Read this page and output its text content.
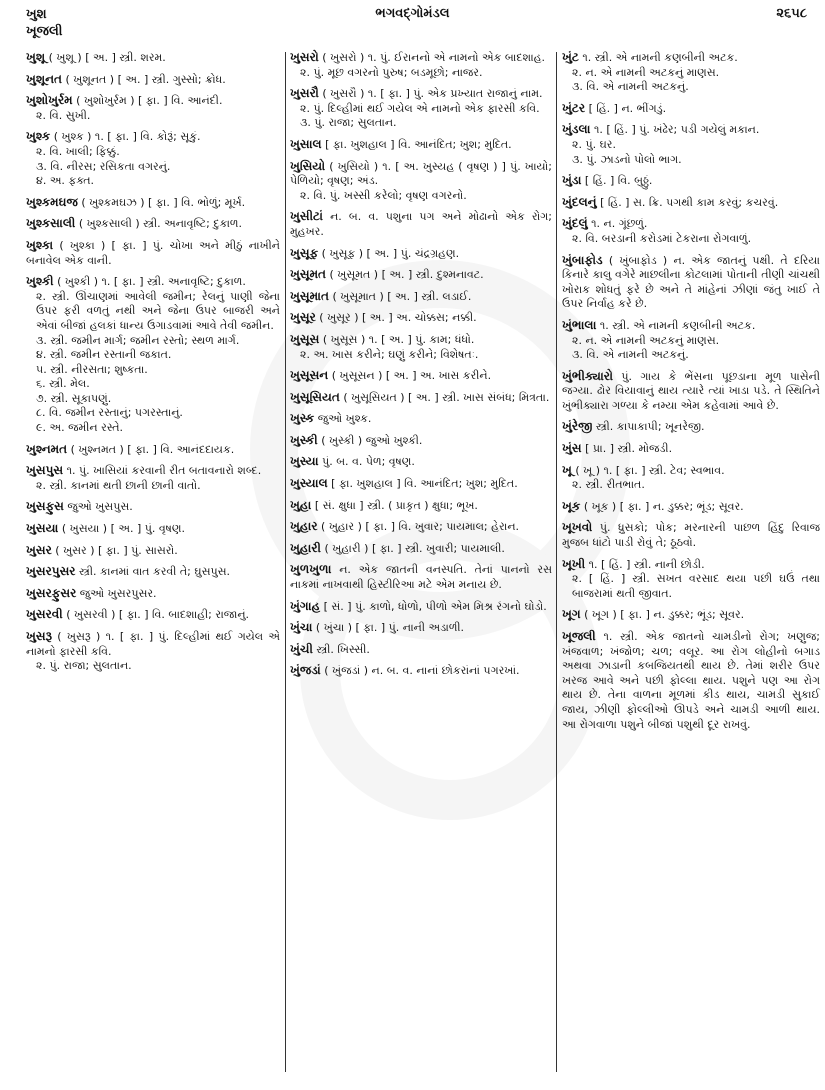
ખુશ
ખૂજલી
ભગવદ્ગોમંડલ	૨૬૫૮
ખુશૂ ( ખુશૂ ) [ અ. ] સ્ત્રી. શરમ.
ખુશૂનત ( ખુશૂનત ) [ અ. ] સ્ત્રી. ગુસ્સો; ક્રોધ.
ખુશોખુર્રમ ( ખુશોખુર્રમ ) [ ફા. ] વિ. આનંદી.
૨. વિ. સુખી.
ખુશ્ક ( ખુશ્ક ) ૧. [ ફા. ] વિ. કોરૂં; સૂકું.
૨. વિ. ખાલી; ફિક્કું.
૩. વિ. નીરસ; રસિકતા વગરનું.
૪. અ. ફક્ત.
ખુશ્કમઘજ ( ખુશ્કમઘઝ ) [ ફા. ] વિ. ભોળું; મૂર્ખ.
ખુશ્કસાલી ( ખુશ્કસાલી ) સ્ત્રી. અનાવૃષ્ટિ; દુકાળ.
ખુશ્કા ( ખુશ્કા ) [ ફા. ] પું. ચોખા અને મીઠું નાખીને બનાવેલ એક વાની.
ખુશ્કી ( ખુશ્કી ) ૧. [ ફા. ] સ્ત્રી. અનાવૃષ્ટિ; દુકાળ.
૨. સ્ત્રી. ઊંચાણમાં આવેલી જમીન; રેલનું પાણી જેના ઉપર ફરી વળતું નથી અને જેના ઉપર બાજરી અને એવાં બીજાં હલકાં ધાન્ય ઉગાડવામાં આવે તેવી જમીન.
૩. સ્ત્રી. જમીન માર્ગ; જમીન રસ્તો; સ્થળ માર્ગ.
૪. સ્ત્રી. જમીન રસ્તાની જકાત.
૫. સ્ત્રી. નીરસતા; શુષ્કતા.
૬. સ્ત્રી. મેલ.
૭. સ્ત્રી. સૂકાપણું.
૮. વિ. જમીન રસ્તાનું; પગરસ્તાનું.
૯. અ. જમીન રસ્તે.
ખુશ્નમત ( ખુશ્નમત ) [ ફા. ] વિ. આનંદદાયક.
ખુસપુસ ૧. પું. ખાસિયાં કરવાની રીત બતાવનારો શબ્દ.
૨. સ્ત્રી. કાનમાં થતી છાની છાની વાતો.
ખુસફુસ જુઓ ખુસપુસ.
ખુસયા ( ખુસયા ) [ અ. ] પું. વૃષણ.
ખુસર ( ખુસર ) [ ફા. ] પું. સાસરો.
ખુસરપુસર સ્ત્રી. કાનમાં વાત કરવી તે; ઘુસપુસ.
ખુસરફુસર જુઓ ખુસરપુસર.
ખુસરવી ( ખુસરવી ) [ ફા. ] વિ. બાદશાહી; રાજાનું.
ખુસરૂ ( ખુસરૂ ) ૧. [ ફા. ] પું. દિલ્હીમાં થઈ ગયેલ એ નામનો ફારસી કવિ.
૨. પું. રાજા; સુલતાન.
ખુસરો ( ખુસરો ) ૧. પું. ઈરાનનો એ નામનો એક બાદશાહ.
૨. પું. મૂછ વગરનો પુરુષ; બડમૂછો; નાજર.
ખુસરૌ ( ખુસરૌ ) ૧. [ ફા. ] પું. એક પ્રખ્યાત રાજાનું નામ.
૨. પું. દિલ્હીમાં થઈ ગયેલ એ નામનો એક ફારસી કવિ.
૩. પું. રાજા; સુલતાન.
ખુસાલ [ ફા. ખુશહાલ ] વિ. આનંદિત; ખુશ; મુદિત.
ખુસિયો ( ખુસિયો ) ૧. [ અ. ખુસ્યહ ( વૃષણ ) ] પું. ખાયો; પેળિયો; વૃષણ; અંડ.
૨. વિ. પું. ખસ્સી કરેલો; વૃષણ વગરનો.
ખુસીટાં ન. બ. વ. પશુના પગ અને મોઢાનો એક રોગ; મુહખર.
ખુસૂફ ( ખુસૂફ ) [ અ. ] પું. ચંદ્રગ્રહણ.
ખુસૂમત ( ખુસૂમત ) [ અ. ] સ્ત્રી. દુશ્મનાવટ.
ખુસૂમાત ( ખુસૂમાત ) [ અ. ] સ્ત્રી. લડાઈ.
ખુસૂર ( ખુસૂર ) [ અ. ] અ. ચોક્કસ; નક્કી.
ખુસૂસ ( ખુસૂસ ) ૧. [ અ. ] પું. કામ; ધંધો.
૨. અ. ખાસ કરીને; ઘણું કરીને; વિશેષતઃ.
ખુસૂસન ( ખુસૂસન ) [ અ. ] અ. ખાસ કરીને.
ખુસૂસિયત ( ખુસૂસિયત ) [ અ. ] સ્ત્રી. ખાસ સંબંધ; મિત્રતા.
ખુસ્ક જુઓ ખુશ્ક.
ખુસ્કી ( ખુસ્કી ) જુઓ ખુશ્કી.
ખુસ્યા પું. બ. વ. પેળ; વૃષણ.
ખુસ્યાલ [ ફા. ખુશહાલ ] વિ. આનંદિત; ખુશ; મુદિત.
ખુહા [ સં. ક્ષુધા ] સ્ત્રી. ( પ્રાકૃત ) ક્ષુધા; ભૂખ.
ખુહાર ( ખુહાર ) [ ફા. ] વિ. ખુવાર; પાયમાલ; હેરાન.
ખુહારી ( ખુહારી ) [ ફા. ] સ્ત્રી. ખુવારી; પાયમાલી.
ખુળખુળા ન. એક જાતની વનસ્પતિ. તેનાં પાનનો રસ નાકમાં નાખવાથી હિસ્ટીરિઆ મટે એમ મનાય છે.
ખુંગાહ [ સં. ] પું. કાળો, ધોળો, પીળો એમ મિશ્ર રંગનો ઘોડો.
ખુંચા ( ખુંચા ) [ ફા. ] પું. નાની અડાળી.
ખુંચી સ્ત્રી. ખિસ્સી.
ખુંજડાં ( ખુંજડાં ) ન. બ. વ. નાનાં છોકરાંનાં પગરખાં.
ખુંટ ૧. સ્ત્રી. એ નામની કણબીની અટક.
૨. ન. એ નામની અટકનું માણસ.
૩. વિ. એ નામની અટકનું.
ખુંટર [ હિં. ] ન. ભીંગડું.
ખુંડલા ૧. [ હિં. ] પું. ખંઢેર; પડી ગયેલું મકાન.
૨. પું. ઘર.
૩. પું. ઝાડનો પોલો ભાગ.
ખુંડા [ હિં. ] વિ. બુઠ્ઠું.
ખુંદલનું [ હિં. ] સ. ક્રિ. પગથી કામ કરવું; કચરવું.
ખુંદલું ૧. ન. ગૂંછળું.
૨. વિ. બરડાની કરોડમાં ટેકરાના રોગવાળું.
ખુંબાફોડ ( ખુંબાફોડ ) ન. એક જાતનું પક્ષી. તે દરિયા કિનારે કાલુ વગેરે માછલીના કોટલામાં પોતાની તીણી ચાંચથી ખોરાક શોધતું ફરે છે અને તે માંહેનાં ઝીણાં જંતુ ખાઈ તે ઉપર નિર્વાહ કરે છે.
ખુંભાલા ૧. સ્ત્રી. એ નામની કણબીની અટક.
૨. ન. એ નામની અટકનું માણસ.
૩. વિ. એ નામની અટકનું.
ખુંભીક્યારો પું. ગાય કે ભેંસના પૂછડાના મૂળ પાસેની જગ્યા. ઢોર વિયાવાનું થાય ત્યારે ત્યાં ખાડા પડે. તે સ્થિતિને ખુંભીક્યારા ગળ્યા કે નમ્યા એમ કહેવામાં આવે છે.
ખુંરેજી સ્ત્રી. કાપાકાપી; ખૂનરેજી.
ખુંસ [ પ્રા. ] સ્ત્રી. મોજડી.
ખૂ ( ખૂ ) ૧. [ ફા. ] સ્ત્રી. ટેવ; સ્વભાવ.
૨. સ્ત્રી. રીતભાત.
ખૂક ( ખૂક ) [ ફા. ] ન. ડુક્કર; ભૂંડ; સૂવર.
ખૂખવો પું. ધ્રુસકો; પોક; મરનારની પાછળ હિંદુ રિવાજ મુજબ ધાંટો પાડી રોવું તે; ઠૂઠવો.
ખૂખી ૧. [ હિં. ] સ્ત્રી. નાની છોડી.
૨. [ હિં. ] સ્ત્રી. સખત વરસાદ થયા પછી ઘઉં તથા બાજરામાં થતી જીવાત.
ખૂગ ( ખૂગ ) [ ફા. ] ન. ડુક્કર; ભૂંડ; સૂવર.
ખૂજલી ૧. સ્ત્રી. એક જાતનો ચામડીનો રોગ; ખણુજ; ખંજવાળ; ખંજોળ; ચળ; વલૂર. આ રોગ લોહીનો બગાડ અથવા ઝાડાની કબજિયતથી થાય છે. તેમાં શરીર ઉપર ખરજ આવે અને પછી ફોલ્લા થાય. પશુને પણ આ રોગ થાય છે. તેના વાળના મૂળમાં કીડ થાય, ચામડી સુકાઈ જાય, ઝીણી ફોલ્લીઓ ઊપડે અને ચામડી આળી થાય. આ રોગવાળા પશુને બીજાં પશુથી દૂર રાખવું.
